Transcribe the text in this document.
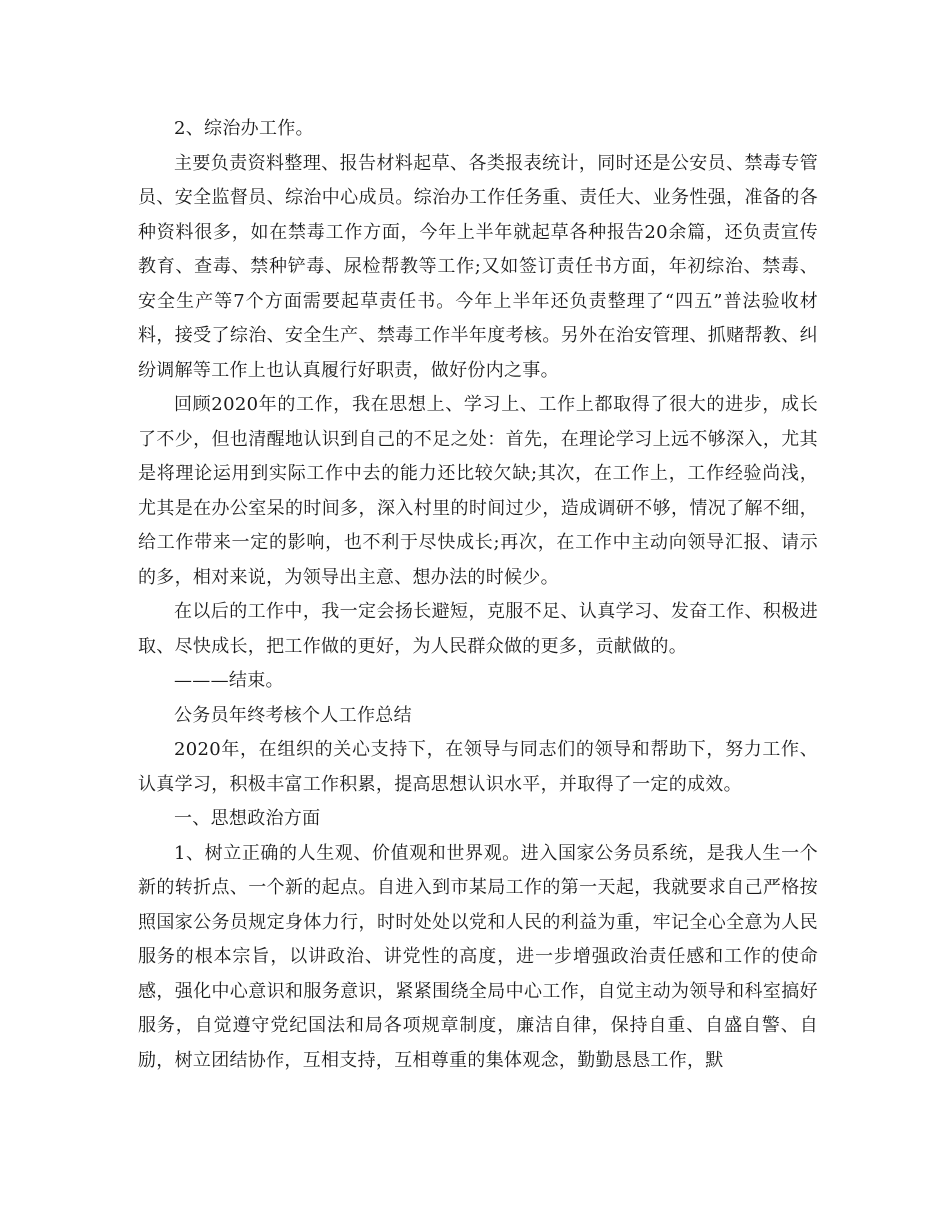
2、综治办工作。

主要负责资料整理、报告材料起草、各类报表统计，同时还是公安员、禁毒专管员、安全监督员、综治中心成员。综治办工作任务重、责任大、业务性强，准备的各种资料很多，如在禁毒工作方面，今年上半年就起草各种报告20余篇，还负责宣传教育、查毒、禁种铲毒、尿检帮教等工作;又如签订责任书方面，年初综治、禁毒、安全生产等7个方面需要起草责任书。今年上半年还负责整理了“四五”普法验收材料，接受了综治、安全生产、禁毒工作半年度考核。另外在治安管理、抓赌帮教、纠纷调解等工作上也认真履行好职责，做好份内之事。

回顾2020年的工作，我在思想上、学习上、工作上都取得了很大的进步，成长了不少，但也清醒地认识到自己的不足之处：首先，在理论学习上远不够深入，尤其是将理论运用到实际工作中去的能力还比较欠缺;其次，在工作上，工作经验尚浅，尤其是在办公室呆的时间多，深入村里的时间过少，造成调研不够，情况了解不细，给工作带来一定的影响，也不利于尽快成长;再次，在工作中主动向领导汇报、请示的多，相对来说，为领导出主意、想办法的时候少。

在以后的工作中，我一定会扬长避短，克服不足、认真学习、发奋工作、积极进取、尽快成长，把工作做的更好，为人民群众做的更多，贡献做的。

———结束。

公务员年终考核个人工作总结

2020年，在组织的关心支持下，在领导与同志们的领导和帮助下，努力工作、认真学习，积极丰富工作积累，提高思想认识水平，并取得了一定的成效。

一、思想政治方面

1、树立正确的人生观、价值观和世界观。进入国家公务员系统，是我人生一个新的转折点、一个新的起点。自进入到市某局工作的第一天起，我就要求自己严格按照国家公务员规定身体力行，时时处处以党和人民的利益为重，牢记全心全意为人民服务的根本宗旨，以讲政治、讲党性的高度，进一步增强政治责任感和工作的使命感，强化中心意识和服务意识，紧紧围绕全局中心工作，自觉主动为领导和科室搞好服务，自觉遵守党纪国法和局各项规章制度，廉洁自律，保持自重、自盛自警、自励，树立团结协作，互相支持，互相尊重的集体观念，勤勤恳恳工作，默
